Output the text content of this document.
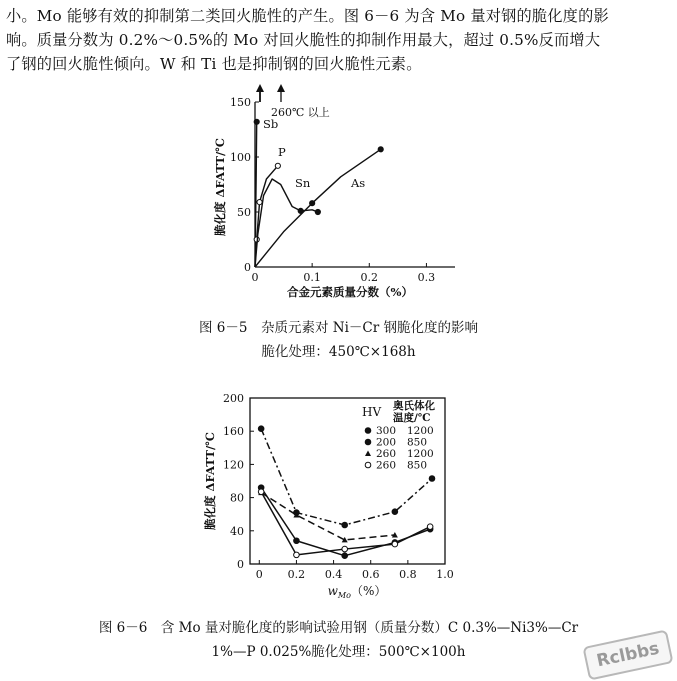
小。Mo 能够有效的抑制第二类回火脆性的产生。图 6－6 为含 Mo 量对钢的脆化度的影

响。质量分数为 0.2%～0.5%的 Mo 对回火脆性的抑制作用最大，超过 0.5%反而增大

了钢的回火脆性倾向。W 和 Ti 也是抑制钢的回火脆性元素。

0
50
100
150
0	0.1	0.2	0.3
260℃ 以上
Sb
P
Sn	As
脆化度 ΔFATT/℃
合金元素质量分数（%）
图 6－5　杂质元素对 Ni－Cr 钢脆化度的影响
脆化处理：450℃×168h
0
40
80
120
160
200
0 0.2 0.4 0.6 0.8 1.0
HV 奥氏体化 温度/℃
300 1200
200 850
260 1200
260 850
脆化度 ΔFATT/℃
$w_{Mo}(\%)$
图 6－6　含 Mo 量对脆化度的影响试验用钢（质量分数）C 0.3%—Ni3%—Cr
1%—P 0.025%脆化处理：500℃×100h	Rclbbs
